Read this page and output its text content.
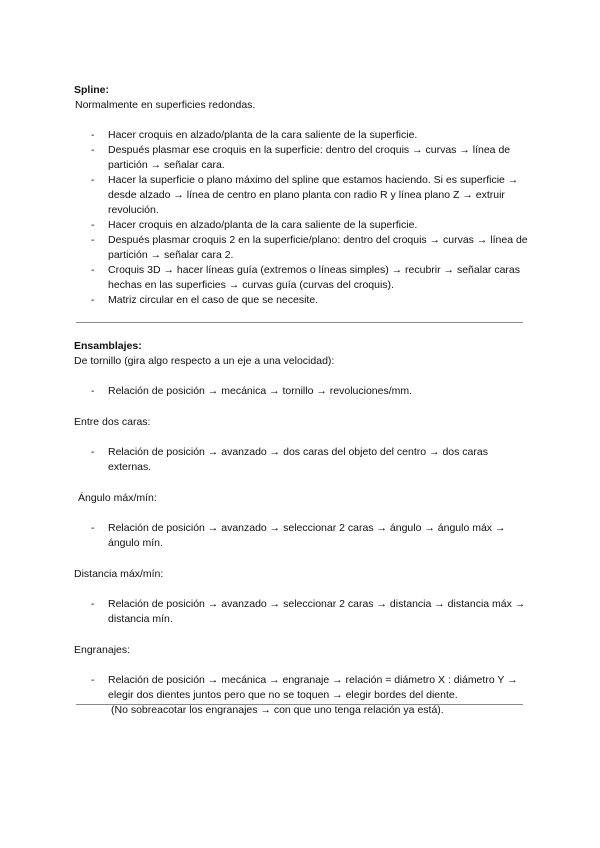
Spline:

Normalmente en superficies redondas.

- Hacer croquis en alzado/planta de la cara saliente de la superficie.
- Después plasmar ese croquis en la superficie: dentro del croquis → curvas → línea de partición → señalar cara.
- Hacer la superficie o plano máximo del spline que estamos haciendo. Si es superficie → desde alzado → línea de centro en plano planta con radio R y línea plano Z → extruir revolución.
- Hacer croquis en alzado/planta de la cara saliente de la superficie.
- Después plasmar croquis 2 en la superficie/plano: dentro del croquis → curvas → línea de partición → señalar cara 2.
- Croquis 3D → hacer líneas guía (extremos o líneas simples) → recubrir → señalar caras hechas en las superficies → curvas guía (curvas del croquis).
- Matriz circular en el caso de que se necesite.

Ensamblajes:

De tornillo (gira algo respecto a un eje a una velocidad):

- Relación de posición → mecánica → tornillo → revoluciones/mm.

Entre dos caras:

- Relación de posición → avanzado → dos caras del objeto del centro → dos caras externas.

Ángulo máx/mín:

- Relación de posición → avanzado → seleccionar 2 caras → ángulo → ángulo máx → ángulo mín.

Distancia máx/mín:

- Relación de posición → avanzado → seleccionar 2 caras → distancia → distancia máx → distancia mín.

Engranajes:

- Relación de posición → mecánica → engranaje → relación = diámetro X : diámetro Y → elegir dos dientes juntos pero que no se toquen → elegir bordes del diente.

(No sobreacotar los engranajes → con que uno tenga relación ya está).
